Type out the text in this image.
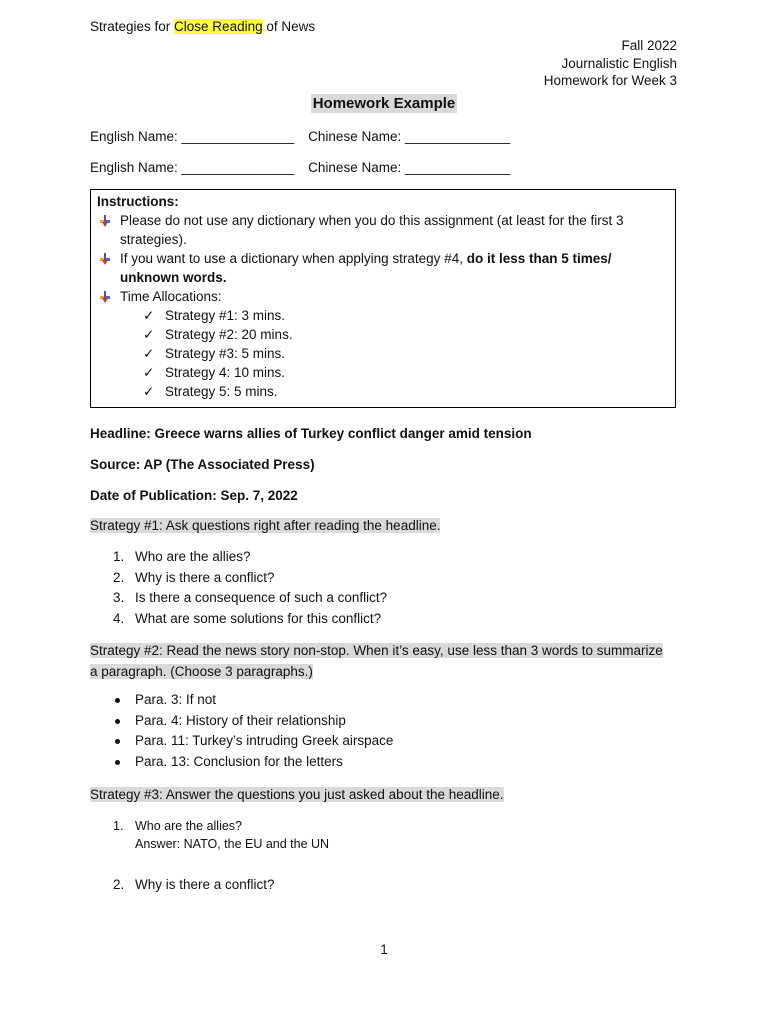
Strategies for Close Reading of News
Fall 2022
Journalistic English
Homework for Week 3
Homework Example
English Name: _______________ Chinese Name: ______________
English Name: _______________ Chinese Name: ______________
Instructions:
Please do not use any dictionary when you do this assignment (at least for the first 3
strategies).
If you want to use a dictionary when applying strategy #4, do it less than 5 times/
unknown words.
Time Allocations:
✓ Strategy #1: 3 mins.
✓ Strategy #2: 20 mins.
✓ Strategy #3: 5 mins.
✓ Strategy 4: 10 mins.
✓ Strategy 5: 5 mins.
Headline: Greece warns allies of Turkey conflict danger amid tension
Source: AP (The Associated Press)
Date of Publication: Sep. 7, 2022
Strategy #1: Ask questions right after reading the headline.
1. Who are the allies?
2. Why is there a conflict?
3. Is there a consequence of such a conflict?
4. What are some solutions for this conflict?
Strategy #2: Read the news story non-stop. When it’s easy, use less than 3 words to summarize
a paragraph. (Choose 3 paragraphs.)
Para. 3: If not
Para. 4: History of their relationship
Para. 11: Turkey’s intruding Greek airspace
Para. 13: Conclusion for the letters
Strategy #3: Answer the questions you just asked about the headline.
1. Who are the allies?
Answer: NATO, the EU and the UN
2. Why is there a conflict?
1
